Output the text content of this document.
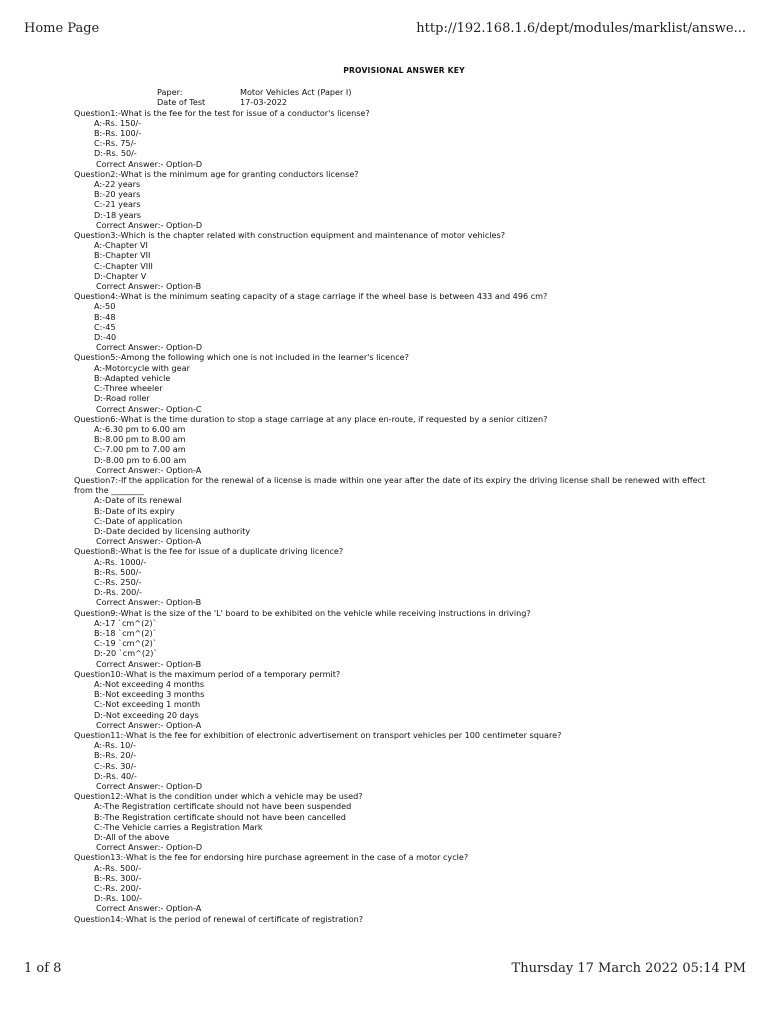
Home Page	http://192.168.1.6/dept/modules/marklist/answe...
PROVISIONAL ANSWER KEY
Paper:	Motor Vehicles Act (Paper I)
Date of Test	17-03-2022
Question1:-What is the fee for the test for issue of a conductor's license?
A:-Rs. 150/-
B:-Rs. 100/-
C:-Rs. 75/-
D:-Rs. 50/-
Correct Answer:- Option-D
Question2:-What is the minimum age for granting conductors license?
A:-22 years
B:-20 years
C:-21 years
D:-18 years
Correct Answer:- Option-D
Question3:-Which is the chapter related with construction equipment and maintenance of motor vehicles?
A:-Chapter VI
B:-Chapter VII
C:-Chapter VIII
D:-Chapter V
Correct Answer:- Option-B
Question4:-What is the minimum seating capacity of a stage carriage if the wheel base is between 433 and 496 cm?
A:-50
B:-48
C:-45
D:-40
Correct Answer:- Option-D
Question5:-Among the following which one is not included in the learner's licence?
A:-Motorcycle with gear
B:-Adapted vehicle
C:-Three wheeler
D:-Road roller
Correct Answer:- Option-C
Question6:-What is the time duration to stop a stage carriage at any place en-route, if requested by a senior citizen?
A:-6.30 pm to 6.00 am
B:-8.00 pm to 8.00 am
C:-7.00 pm to 7.00 am
D:-8.00 pm to 6.00 am
Correct Answer:- Option-A
Question7:-If the application for the renewal of a license is made within one year after the date of its expiry the driving license shall be renewed with effect from the ________
A:-Date of its renewal
B:-Date of its expiry
C:-Date of application
D:-Date decided by licensing authority
Correct Answer:- Option-A
Question8:-What is the fee for issue of a duplicate driving licence?
A:-Rs. 1000/-
B:-Rs. 500/-
C:-Rs. 250/-
D:-Rs. 200/-
Correct Answer:- Option-B
Question9:-What is the size of the 'L' board to be exhibited on the vehicle while receiving instructions in driving?
A:-17 `cm^(2)`
B:-18 `cm^(2)`
C:-19 `cm^(2)`
D:-20 `cm^(2)`
Correct Answer:- Option-B
Question10:-What is the maximum period of a temporary permit?
A:-Not exceeding 4 months
B:-Not exceeding 3 months
C:-Not exceeding 1 month
D:-Not exceeding 20 days
Correct Answer:- Option-A
Question11:-What is the fee for exhibition of electronic advertisement on transport vehicles per 100 centimeter square?
A:-Rs. 10/-
B:-Rs. 20/-
C:-Rs. 30/-
D:-Rs. 40/-
Correct Answer:- Option-D
Question12:-What is the condition under which a vehicle may be used?
A:-The Registration certificate should not have been suspended
B:-The Registration certificate should not have been cancelled
C:-The Vehicle carries a Registration Mark
D:-All of the above
Correct Answer:- Option-D
Question13:-What is the fee for endorsing hire purchase agreement in the case of a motor cycle?
A:-Rs. 500/-
B:-Rs. 300/-
C:-Rs. 200/-
D:-Rs. 100/-
Correct Answer:- Option-A
Question14:-What is the period of renewal of certificate of registration?
1 of 8	Thursday 17 March 2022 05:14 PM
